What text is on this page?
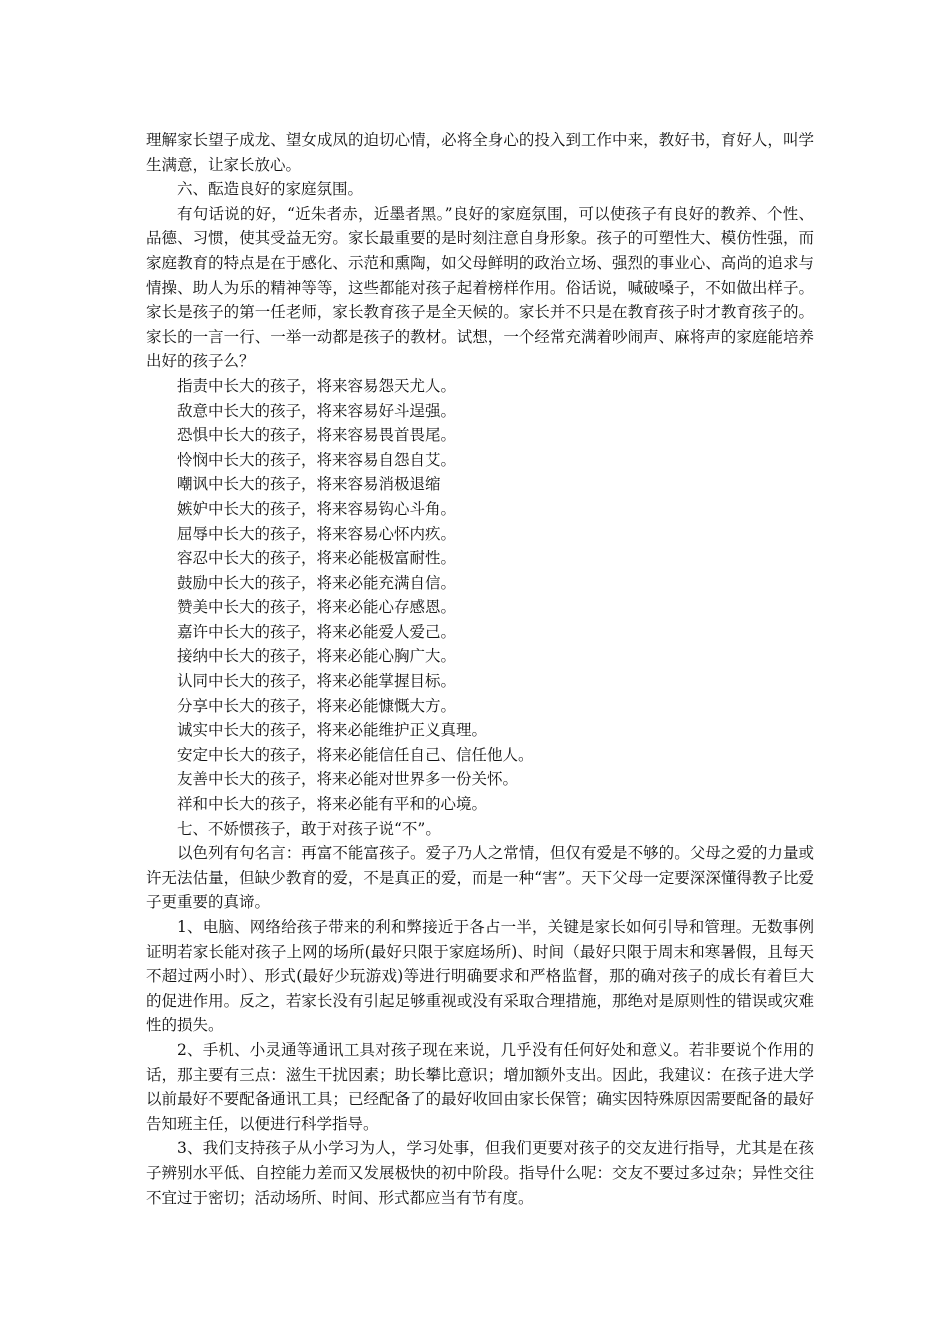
理解家长望子成龙、望女成凤的迫切心情，必将全身心的投入到工作中来，教好书，育好人，叫学生满意，让家长放心。

六、酝造良好的家庭氛围。

有句话说的好，“近朱者赤，近墨者黑。”良好的家庭氛围，可以使孩子有良好的教养、个性、品德、习惯，使其受益无穷。家长最重要的是时刻注意自身形象。孩子的可塑性大、模仿性强，而家庭教育的特点是在于感化、示范和熏陶，如父母鲜明的政治立场、强烈的事业心、高尚的追求与情操、助人为乐的精神等等，这些都能对孩子起着榜样作用。俗话说，喊破嗓子，不如做出样子。家长是孩子的第一任老师，家长教育孩子是全天候的。家长并不只是在教育孩子时才教育孩子的。家长的一言一行、一举一动都是孩子的教材。试想，一个经常充满着吵闹声、麻将声的家庭能培养出好的孩子么？

指责中长大的孩子，将来容易怨天尤人。

敌意中长大的孩子，将来容易好斗逞强。

恐惧中长大的孩子，将来容易畏首畏尾。

怜悯中长大的孩子，将来容易自怨自艾。

嘲讽中长大的孩子，将来容易消极退缩

嫉妒中长大的孩子，将来容易钩心斗角。

屈辱中长大的孩子，将来容易心怀内疚。

容忍中长大的孩子，将来必能极富耐性。

鼓励中长大的孩子，将来必能充满自信。

赞美中长大的孩子，将来必能心存感恩。

嘉许中长大的孩子，将来必能爱人爱己。

接纳中长大的孩子，将来必能心胸广大。

认同中长大的孩子，将来必能掌握目标。

分享中长大的孩子，将来必能慷慨大方。

诚实中长大的孩子，将来必能维护正义真理。

安定中长大的孩子，将来必能信任自己、信任他人。

友善中长大的孩子，将来必能对世界多一份关怀。

祥和中长大的孩子，将来必能有平和的心境。

七、不娇惯孩子，敢于对孩子说“不”。

以色列有句名言：再富不能富孩子。爱子乃人之常情，但仅有爱是不够的。父母之爱的力量或许无法估量，但缺少教育的爱，不是真正的爱，而是一种“害”。天下父母一定要深深懂得教子比爱子更重要的真谛。

1、电脑、网络给孩子带来的利和弊接近于各占一半，关键是家长如何引导和管理。无数事例证明若家长能对孩子上网的场所(最好只限于家庭场所)、时间（最好只限于周末和寒暑假，且每天不超过两小时）、形式(最好少玩游戏)等进行明确要求和严格监督，那的确对孩子的成长有着巨大的促进作用。反之，若家长没有引起足够重视或没有采取合理措施，那绝对是原则性的错误或灾难性的损失。

2、手机、小灵通等通讯工具对孩子现在来说，几乎没有任何好处和意义。若非要说个作用的话，那主要有三点：滋生干扰因素；助长攀比意识；增加额外支出。因此，我建议：在孩子进大学以前最好不要配备通讯工具；已经配备了的最好收回由家长保管；确实因特殊原因需要配备的最好告知班主任，以便进行科学指导。

3、我们支持孩子从小学习为人，学习处事，但我们更要对孩子的交友进行指导，尤其是在孩子辨别水平低、自控能力差而又发展极快的初中阶段。指导什么呢：交友不要过多过杂；异性交往不宜过于密切；活动场所、时间、形式都应当有节有度。
